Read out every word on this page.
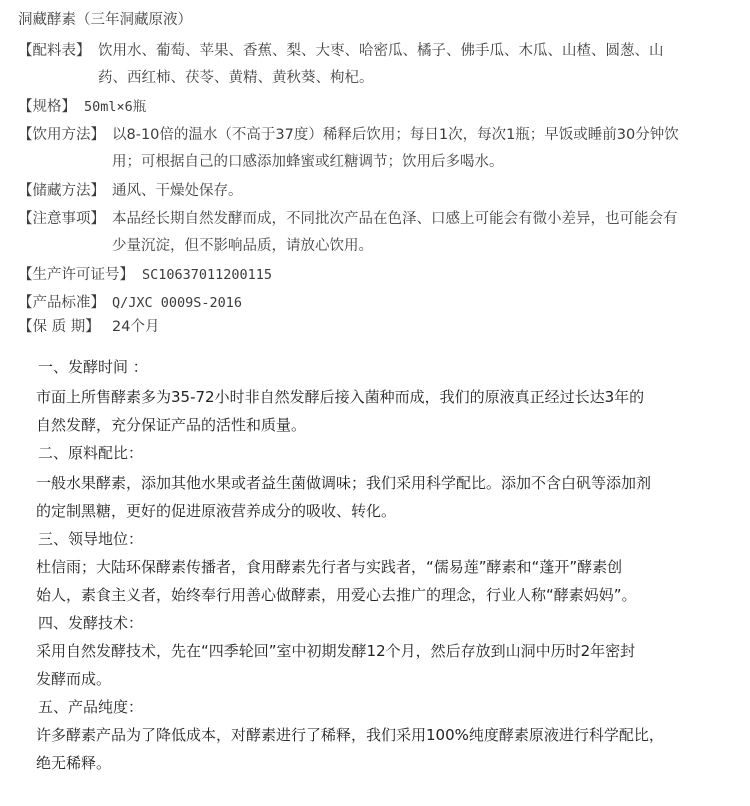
洞藏酵素（三年洞藏原液）
【配料表】 饮用水、葡萄、苹果、香蕉、梨、大枣、哈密瓜、橘子、佛手瓜、木瓜、山楂、圆葱、山
药、西红柿、茯苓、黄精、黄秋葵、枸杞。
【规格】 50ml×6瓶
【饮用方法】 以8-10倍的温水（不高于37度）稀释后饮用；每日1次，每次1瓶；早饭或睡前30分钟饮
用；可根据自己的口感添加蜂蜜或红糖调节；饮用后多喝水。
【储藏方法】 通风、干燥处保存。
【注意事项】 本品经长期自然发酵而成，不同批次产品在色泽、口感上可能会有微小差异，也可能会有
少量沉淀，但不影响品质，请放心饮用。
【生产许可证号】 SC10637011200115
【产品标准】 Q/JXC 0009S-2016
【保 质 期】 24个月
一、发酵时间 ：
市面上所售酵素多为35-72小时非自然发酵后接入菌种而成，我们的原液真正经过长达3年的
自然发酵，充分保证产品的活性和质量。
二、原料配比：
一般水果酵素，添加其他水果或者益生菌做调味；我们采用科学配比。添加不含白矾等添加剂
的定制黑糖，更好的促进原液营养成分的吸收、转化。
三、领导地位：
杜信雨；大陆环保酵素传播者，食用酵素先行者与实践者，“儒易莲”酵素和“蓬开”酵素创
始人，素食主义者，始终奉行用善心做酵素，用爱心去推广的理念，行业人称“酵素妈妈”。
四、发酵技术：
采用自然发酵技术，先在“四季轮回”室中初期发酵12个月，然后存放到山洞中历时2年密封
发酵而成。
五、产品纯度：
许多酵素产品为了降低成本，对酵素进行了稀释，我们采用100%纯度酵素原液进行科学配比，
绝无稀释。
